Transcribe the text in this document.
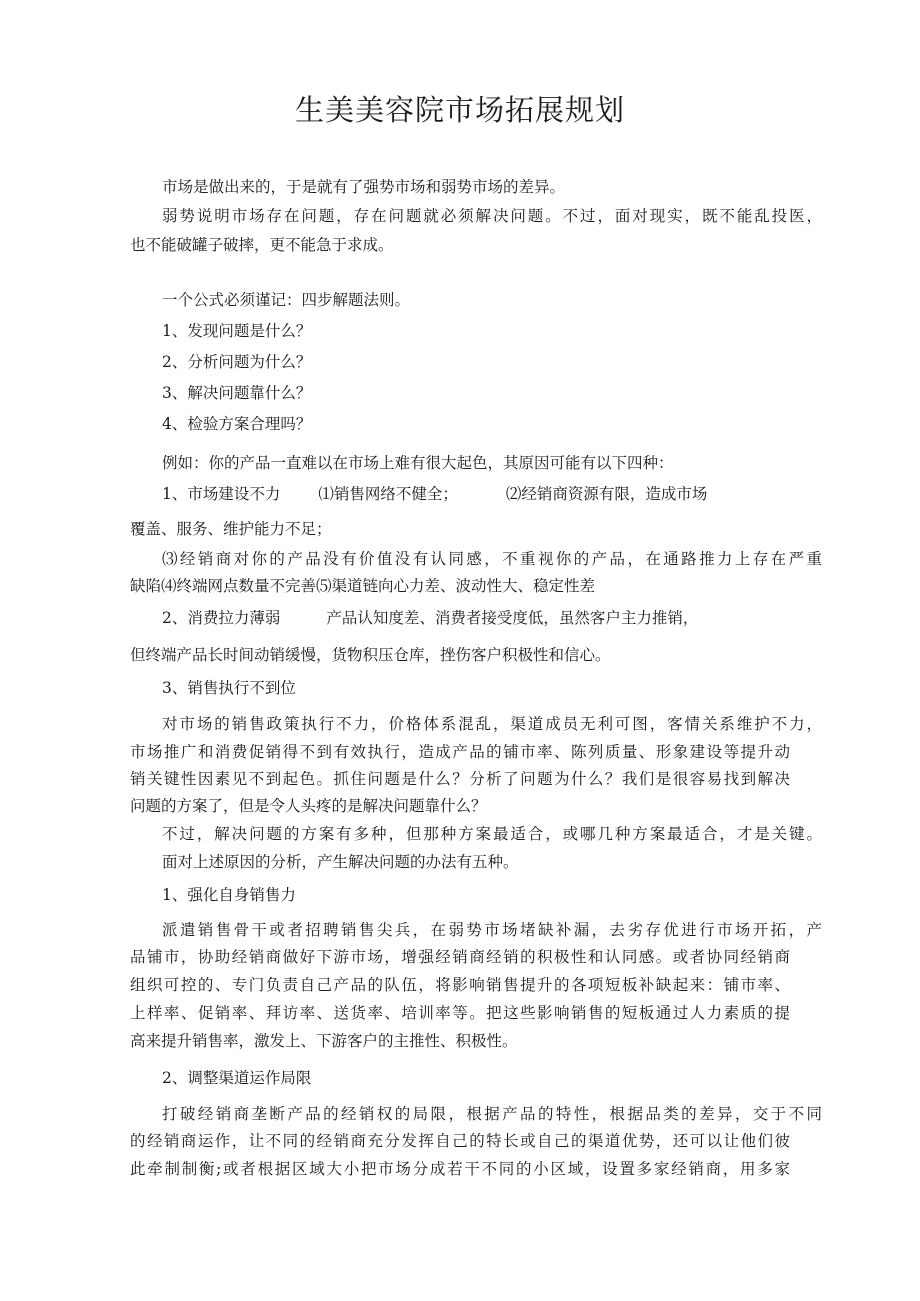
生美美容院市场拓展规划
市场是做出来的，于是就有了强势市场和弱势市场的差异。
弱势说明市场存在问题，存在问题就必须解决问题。不过，面对现实，既不能乱投医，
也不能破罐子破摔，更不能急于求成。
一个公式必须谨记：四步解题法则。
1、发现问题是什么？
2、分析问题为什么？
3、解决问题靠什么？
4、检验方案合理吗？
例如：你的产品一直难以在市场上难有很大起色，其原因可能有以下四种：
1、市场建设不力 ⑴销售网络不健全；	⑵经销商资源有限，造成市场
覆盖、服务、维护能力不足；
⑶经销商对你的产品没有价值没有认同感，不重视你的产品，在通路推力上存在严重
缺陷⑷终端网点数量不完善⑸渠道链向心力差、波动性大、稳定性差
2、消费拉力薄弱	产品认知度差、消费者接受度低，虽然客户主力推销，
但终端产品长时间动销缓慢，货物积压仓库，挫伤客户积极性和信心。
3、销售执行不到位
对市场的销售政策执行不力，价格体系混乱，渠道成员无利可图，客情关系维护不力，
市场推广和消费促销得不到有效执行，造成产品的铺市率、陈列质量、形象建设等提升动
销关键性因素见不到起色。抓住问题是什么？分析了问题为什么？我们是很容易找到解决
问题的方案了，但是令人头疼的是解决问题靠什么？
不过，解决问题的方案有多种，但那种方案最适合，或哪几种方案最适合，才是关键。
面对上述原因的分析，产生解决问题的办法有五种。
1、强化自身销售力
派遣销售骨干或者招聘销售尖兵，在弱势市场堵缺补漏，去劣存优进行市场开拓，产
品铺市，协助经销商做好下游市场，增强经销商经销的积极性和认同感。或者协同经销商
组织可控的、专门负责自己产品的队伍，将影响销售提升的各项短板补缺起来：铺市率、
上样率、促销率、拜访率、送货率、培训率等。把这些影响销售的短板通过人力素质的提
高来提升销售率，激发上、下游客户的主推性、积极性。
2、调整渠道运作局限
打破经销商垄断产品的经销权的局限，根据产品的特性，根据品类的差异，交于不同
的经销商运作，让不同的经销商充分发挥自己的特长或自己的渠道优势，还可以让他们彼
此牵制制衡;或者根据区域大小把市场分成若干不同的小区域，设置多家经销商，用多家
